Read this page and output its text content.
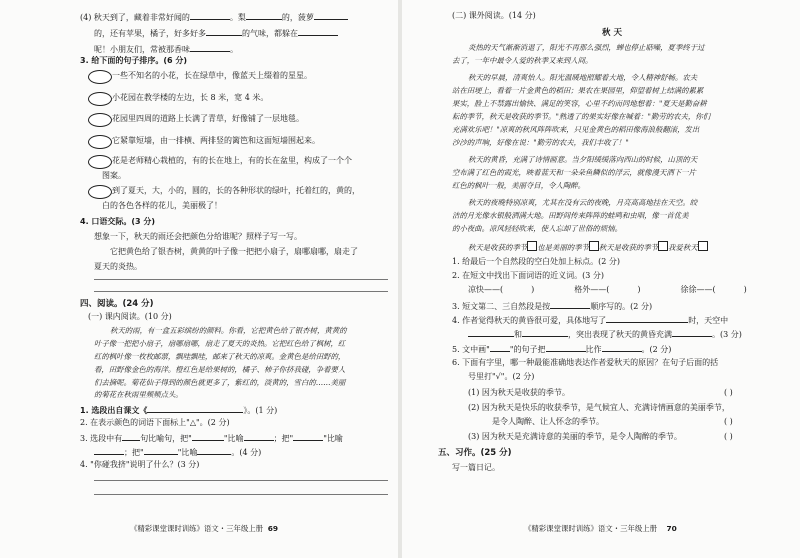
(4) 秋天到了，藏着非常好闻的	。梨	的，菠萝
的，还有苹果，橘子，好多好多	的气味，都躲在
呢！小朋友们，常被那香味	。
3. 给下面的句子排序。(6 分)
一些不知名的小花，长在绿草中，像蓝天上缀着的星星。
小花园在教学楼的左边，长 8 米，宽 4 米。
花园里四周的道路上长满了青草，好像铺了一层地毯。
它紧靠短墙，由一排横、两排竖的篱笆和这面短墙围起来。
花是老师精心栽植的，有的长在地上，有的长在盆里，构成了一个个
图案。
到了夏天，大，小的，圆的，长的各种形状的绿叶，托着红的，黄的，
白的各色各样的花儿，美丽极了！
4. 口语交际。(3 分)
想象一下，秋天的雨还会把颜色分给谁呢？照样子写一写。
它把黄色给了银杏树，黄黄的叶子像一把把小扇子，扇哪扇哪，扇走了
夏天的炎热。
四、阅读。(24 分)
(一) 课内阅读。(10 分)
秋天的雨，有一盒五彩缤纷的颜料。你看，它把黄色给了银杏树，黄黄的
叶子像一把把小扇子，扇哪扇哪，扇走了夏天的炎热。它把红色给了枫树，红
红的枫叶像一枚枚邮票，飘哇飘哇，邮来了秋天的凉爽。金黄色是给田野的，
看，田野像金色的海洋。橙红色是给果树的，橘子、柿子你挤我碰，争着要人
们去摘呢。菊花仙子得到的颜色就更多了，紫红的，淡黄的，雪白的……美丽
的菊花在秋雨里频频点头。
1. 选段出自课文《	》。(1 分)
2. 在表示颜色的词语下面标上"△"。(2 分)
3. 选段中有 句比喻句，把"	"比喻	；把"	"比喻
；把"	"比喻	。(4 分)
4. "你碰我挤"说明了什么？(3 分)
《精彩课堂课时训练》语文・三年级上册 69
(二) 课外阅读。(14 分)
秋 天
炎热的天气渐渐消退了，阳光不再那么强烈，蝉也停止聒噪，夏季终于过
去了，一年中最令人爱的秋季又来到人间。
秋天的早晨，清爽怡人。阳光温暖地照耀着大地，令人精神舒畅。农夫
站在田埂上，看着一片金黄色的稻田；果农在果园里，仰望着树上结满的累累
果实，脸上不禁露出愉快、满足的笑容，心里不约而同地想着："夏天是勤奋耕
耘的季节，秋天是收获的季节。"熟透了的果实好像在喊着："勤劳的农夫，你们
充满欢乐吧！"凉爽的秋风阵阵吹来，只见金黄色的稻田像海浪般翻滚，发出
沙沙的声响，好像在说："勤劳的农夫，我们丰收了！"
秋天的黄昏，充满了诗情画意。当夕阳缓缓落向西山的时候，山顶的天
空布满了红色的霞光，映着蓝天和一朵朵鱼鳞似的浮云，就像漫天洒下一片
红色的枫叶一般，美丽夺目，令人陶醉。
秋天的夜晚特别凉爽，尤其在没有云的夜晚，月亮高高地挂在天空。皎
洁的月光像水银般洒满大地。田野间传来阵阵的蛙鸣和虫唱，像一首优美
的小夜曲。凉风轻轻吹来，使人忘却了世俗的烦恼。
秋天是收获的季节 也是美丽的季节 秋天是收获的季节 我爱秋天
1. 给最后一个自然段的空白处加上标点。(2 分)
2. 在短文中找出下面词语的近义词。(3 分)
凉快——(	)	格外——(	)	徐徐——(	)
3. 短文第二、三自然段是按	顺序写的。(2 分)
4. 作者觉得秋天的黄昏很可爱，具体地写了	时，天空中
和	，突出表现了秋天的黄昏充满	。(3 分)
5. 文中画"	"的句子把	比作	。(2 分)
6. 下面有字里，哪一种最能准确地表达作者爱秋天的原因？在句子后面的括
号里打"√"。(2 分)
(1) 因为秋天是收获的季节。	( )
(2) 因为秋天是快乐的收获季节，是气候宜人、充满诗情画意的美丽季节，
是令人陶醉、让人怀念的季节。	( )
(3) 因为秋天是充满诗意的美丽的季节，是令人陶醉的季节。	( )
五、习作。(25 分)
写一篇日记。
《精彩课堂课时训练》语文・三年级上册 70
